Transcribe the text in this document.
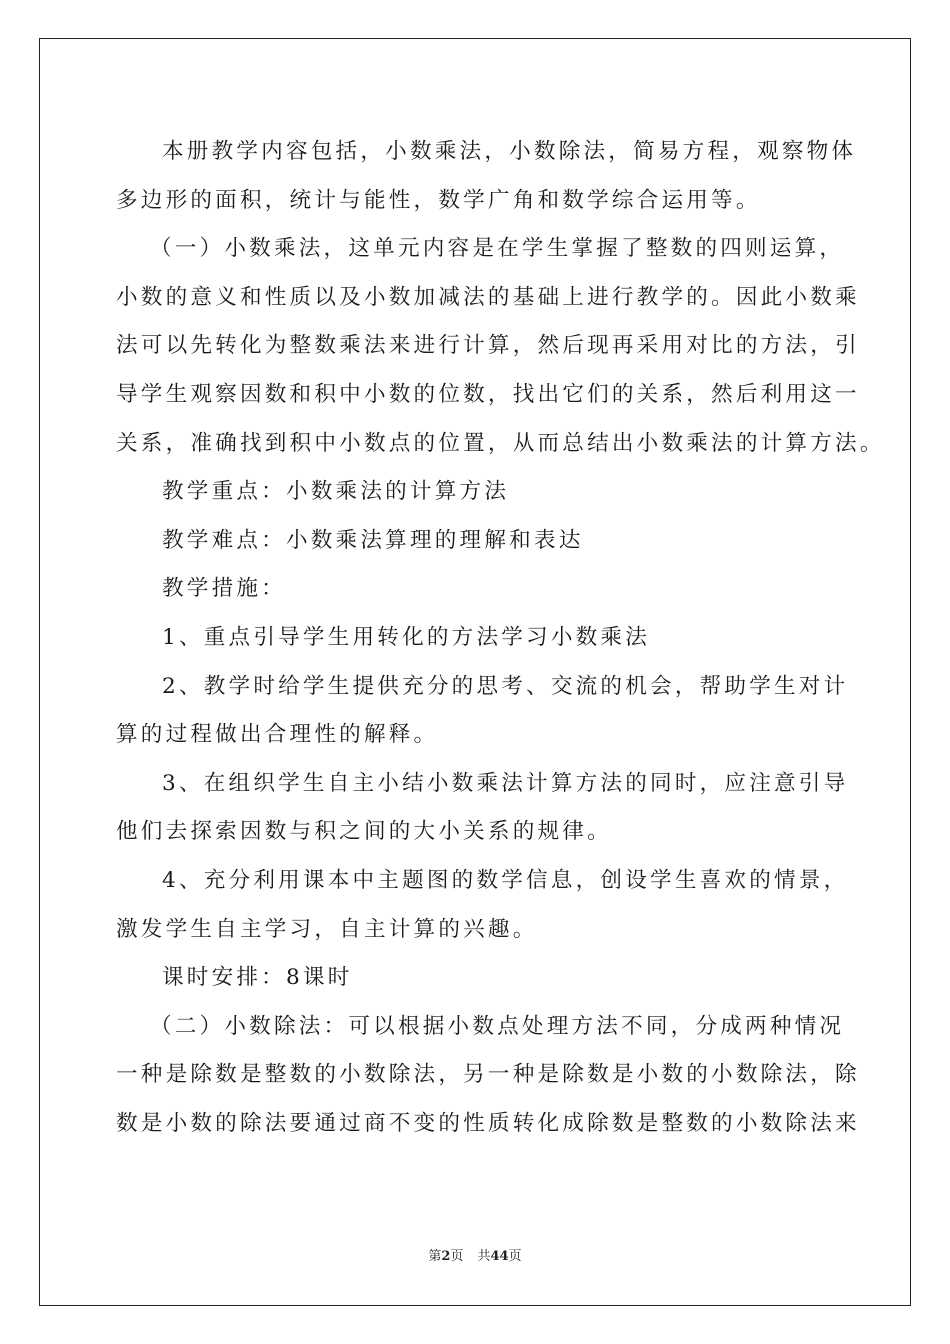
本册教学内容包括，小数乘法，小数除法，简易方程，观察物体
多边形的面积，统计与能性，数学广角和数学综合运用等。
（一）小数乘法，这单元内容是在学生掌握了整数的四则运算，
小数的意义和性质以及小数加减法的基础上进行教学的。因此小数乘
法可以先转化为整数乘法来进行计算，然后现再采用对比的方法，引
导学生观察因数和积中小数的位数，找出它们的关系，然后利用这一
关系，准确找到积中小数点的位置，从而总结出小数乘法的计算方法。
教学重点：小数乘法的计算方法
教学难点：小数乘法算理的理解和表达
教学措施：
1、重点引导学生用转化的方法学习小数乘法
2、教学时给学生提供充分的思考、交流的机会，帮助学生对计
算的过程做出合理性的解释。
3、在组织学生自主小结小数乘法计算方法的同时，应注意引导
他们去探索因数与积之间的大小关系的规律。
4、充分利用课本中主题图的数学信息，创设学生喜欢的情景，
激发学生自主学习，自主计算的兴趣。
课时安排：8课时
（二）小数除法：可以根据小数点处理方法不同，分成两种情况
一种是除数是整数的小数除法，另一种是除数是小数的小数除法，除
数是小数的除法要通过商不变的性质转化成除数是整数的小数除法来
第2页 共44页
